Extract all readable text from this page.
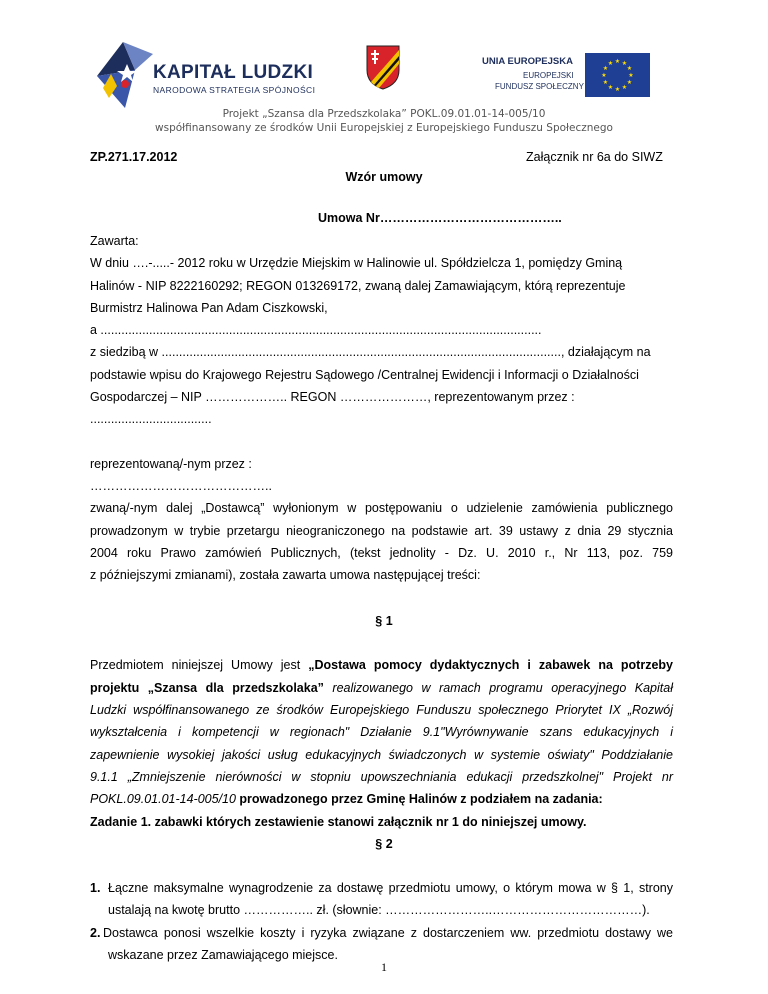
KAPITAŁ LUDZKI
NARODOWA STRATEGIA SPÓJNOŚCI
UNIA EUROPEJSKA
EUROPEJSKI
FUNDUSZ SPOŁECZNY
★ ★
★
★
★
★
★
★
★
★
★
★
Projekt „Szansa dla Przedszkolaka” POKL.09.01.01-14-005/10
współfinansowany ze środków Unii Europejskiej z Europejskiego Funduszu Społecznego
ZP.271.17.2012	Załącznik nr 6a do SIWZ
Wzór umowy
Umowa Nr……………………………………..
Zawarta:
W dniu ….-.....- 2012 roku w Urzędzie Miejskim w Halinowie ul. Spółdzielcza 1, pomiędzy Gminą
Halinów - NIP 8222160292; REGON 013269172, zwaną dalej Zamawiającym, którą reprezentuje
Burmistrz Halinowa Pan Adam Ciszkowski,
a ...............................................................................................................................
z siedzibą w ..................................................................................................................., działającym na
podstawie wpisu do Krajowego Rejestru Sądowego /Centralnej Ewidencji i Informacji o Działalności
Gospodarczej – NIP ……………….. REGON …………………, reprezentowanym przez :
...................................
reprezentowaną/-nym przez :
……………………………………..
zwaną/-nym dalej „Dostawcą” wyłonionym w postępowaniu o udzielenie zamówienia publicznego
prowadzonym w trybie przetargu nieograniczonego na podstawie art. 39 ustawy z dnia 29 stycznia
2004 roku Prawo zamówień Publicznych, (tekst jednolity - Dz. U. 2010 r., Nr 113, poz. 759
z późniejszymi zmianami), została zawarta umowa następującej treści:
§ 1
Przedmiotem niniejszej Umowy jest „Dostawa pomocy dydaktycznych i zabawek na potrzeby
projektu „Szansa dla przedszkolaka” realizowanego w ramach programu operacyjnego Kapitał
Ludzki współfinansowanego ze środków Europejskiego Funduszu społecznego Priorytet IX „Rozwój
wykształcenia i kompetencji w regionach" Działanie 9.1"Wyrównywanie szans edukacyjnych i
zapewnienie wysokiej jakości usług edukacyjnych świadczonych w systemie oświaty" Poddziałanie
9.1.1 „Zmniejszenie nierówności w stopniu upowszechniania edukacji przedszkolnej" Projekt nr
POKL.09.01.01-14-005/10 prowadzonego przez Gminę Halinów z podziałem na zadania:
Zadanie 1. zabawki których zestawienie stanowi załącznik nr 1 do niniejszej umowy.
§ 2
1. Łączne maksymalne wynagrodzenie za dostawę przedmiotu umowy, o którym mowa w § 1, strony
ustalają na kwotę brutto …………….. zł. (słownie: ……………………..………………………………).
2. Dostawca ponosi wszelkie koszty i ryzyka związane z dostarczeniem ww. przedmiotu dostawy we
wskazane przez Zamawiającego miejsce.
1
